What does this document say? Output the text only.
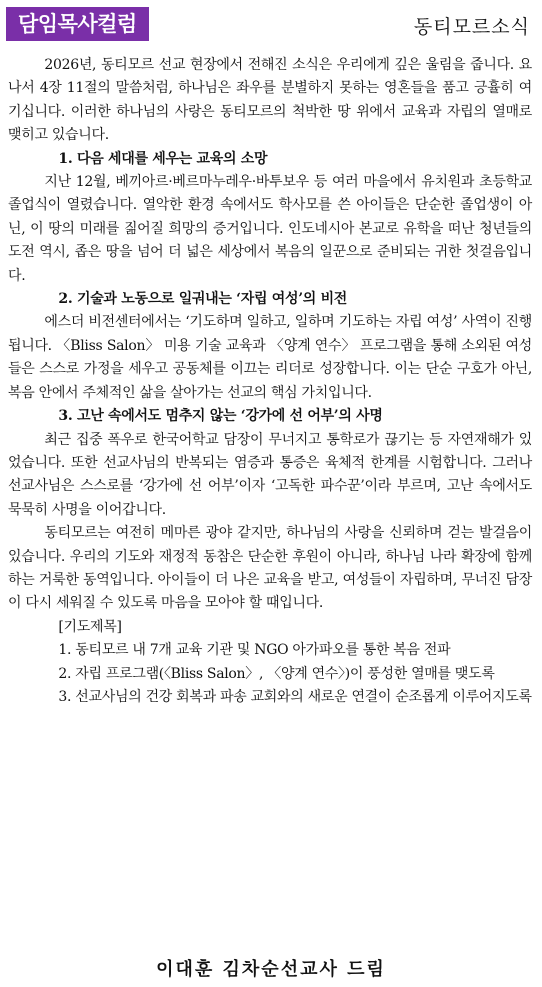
담임목사컬럼	동티모르소식

2026년, 동티모르 선교 현장에서 전해진 소식은 우리에게 깊은 울림을 줍니다. 요나서 4장 11절의 말씀처럼, 하나님은 좌우를 분별하지 못하는 영혼들을 품고 긍휼히 여기십니다. 이러한 하나님의 사랑은 동티모르의 척박한 땅 위에서 교육과 자립의 열매로 맺히고 있습니다.

1. 다음 세대를 세우는 교육의 소망

지난 12월, 베끼아르·베르마누레우·바투보우 등 여러 마을에서 유치원과 초등학교 졸업식이 열렸습니다. 열악한 환경 속에서도 학사모를 쓴 아이들은 단순한 졸업생이 아닌, 이 땅의 미래를 짊어질 희망의 증거입니다. 인도네시아 본교로 유학을 떠난 청년들의 도전 역시, 좁은 땅을 넘어 더 넓은 세상에서 복음의 일꾼으로 준비되는 귀한 첫걸음입니다.

2. 기술과 노동으로 일궈내는 ‘자립 여성’의 비전

에스더 비전센터에서는 ‘기도하며 일하고, 일하며 기도하는 자립 여성’ 사역이 진행됩니다. 〈Bliss Salon〉 미용 기술 교육과 〈양계 연수〉 프로그램을 통해 소외된 여성들은 스스로 가정을 세우고 공동체를 이끄는 리더로 성장합니다. 이는 단순 구호가 아닌, 복음 안에서 주체적인 삶을 살아가는 선교의 핵심 가치입니다.

3. 고난 속에서도 멈추지 않는 ‘강가에 선 어부’의 사명

최근 집중 폭우로 한국어학교 담장이 무너지고 통학로가 끊기는 등 자연재해가 있었습니다. 또한 선교사님의 반복되는 염증과 통증은 육체적 한계를 시험합니다. 그러나 선교사님은 스스로를 ‘강가에 선 어부’이자 ‘고독한 파수꾼’이라 부르며, 고난 속에서도 묵묵히 사명을 이어갑니다.

동티모르는 여전히 메마른 광야 같지만, 하나님의 사랑을 신뢰하며 걷는 발걸음이 있습니다. 우리의 기도와 재정적 동참은 단순한 후원이 아니라, 하나님 나라 확장에 함께하는 거룩한 동역입니다. 아이들이 더 나은 교육을 받고, 여성들이 자립하며, 무너진 담장이 다시 세워질 수 있도록 마음을 모아야 할 때입니다.

[기도제목]
1. 동티모르 내 7개 교육 기관 및 NGO 아가파오를 통한 복음 전파
2. 자립 프로그램(〈Bliss Salon〉, 〈양계 연수〉)이 풍성한 열매를 맺도록
3. 선교사님의 건강 회복과 파송 교회와의 새로운 연결이 순조롭게 이루어지도록
이대훈 김차순선교사 드림
